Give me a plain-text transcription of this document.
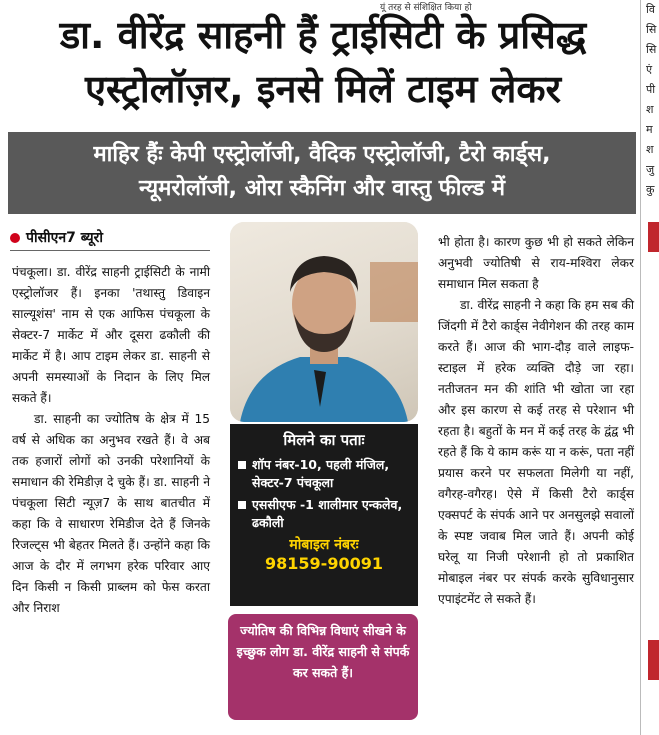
यूं तरह से संशिक्षित किया हो
डा. वीरेंद्र साहनी हैं ट्राईसिटी के प्रसिद्ध
एस्ट्रोलॉज़र, इनसे मिलें टाइम लेकर
माहिर हैंः केपी एस्ट्रोलॉजी, वैदिक एस्ट्रोलॉजी, टैरो कार्ड्स,
न्यूमरोलॉजी, ओरा स्कैनिंग और वास्तु फील्ड में
पीसीएन7 ब्यूरो

पंचकूला। डा. वीरेंद्र साहनी ट्राईसिटी के नामी एस्ट्रोलॉजर हैं। इनका 'तथास्तु डिवाइन साल्यूशंस' नाम से एक आफिस पंचकूला के सेक्टर-7 मार्केट में और दूसरा ढकौली की मार्केट में है। आप टाइम लेकर डा. साहनी से अपनी समस्याओं के निदान के लिए मिल सकते हैं।

डा. साहनी का ज्योतिष के क्षेत्र में 15 वर्ष से अधिक का अनुभव रखते हैं। वे अब तक हजारों लोगों को उनकी परेशानियों के समाधान की रेमिडीज़ दे चुके हैं। डा. साहनी ने पंचकूला सिटी न्यूज़7 के साथ बातचीत में कहा कि वे साधारण रेमिडीज देते हैं जिनके रिजल्ट्स भी बेहतर मिलते हैं। उन्होंने कहा कि आज के दौर में लगभग हरेक परिवार आए दिन किसी न किसी प्राब्लम को फेस करता और निराश

मिलने का पताः
शॉप नंबर-10, पहली मंजिल, सेक्टर-7 पंचकूला
एससीएफ -1 शालीमार एन्कलेव, ढकौली
मोबाइल नंबरः
98159-90091
ज्योतिष की विभिन्न विधाएं सीखने के इच्छुक लोग डा. वीरेंद्र साहनी से संपर्क कर सकते हैं।

भी होता है। कारण कुछ भी हो सकते लेकिन अनुभवी ज्योतिषी से राय-मश्विरा लेकर समाधान मिल सकता है

डा. वीरेंद्र साहनी ने कहा कि हम सब की जिंदगी में टैरो कार्ड्स नेवीगेशन की तरह काम करते हैं। आज की भाग-दौड़ वाले लाइफ-स्टाइल में हरेक व्यक्ति दौड़े जा रहा। नतीजतन मन की शांति भी खोता जा रहा और इस कारण से कई तरह से परेशान भी रहता है। बहुतों के मन में कई तरह के द्वंद्व भी रहते हैं कि ये काम करूं या न करूं, पता नहीं प्रयास करने पर सफलता मिलेगी या नहीं, वगैरह-वगैरह। ऐसे में किसी टैरो कार्ड्स एक्सपर्ट के संपर्क आने पर अनसुलझे सवालों के स्पष्ट जवाब मिल जाते हैं। अपनी कोई घरेलू या निजी परेशानी हो तो प्रकाशित मोबाइल नंबर पर संपर्क करके सुविधानुसार एपाइंटमेंट ले सकते हैं।

वि सि सि एं पी श म श जु कु
